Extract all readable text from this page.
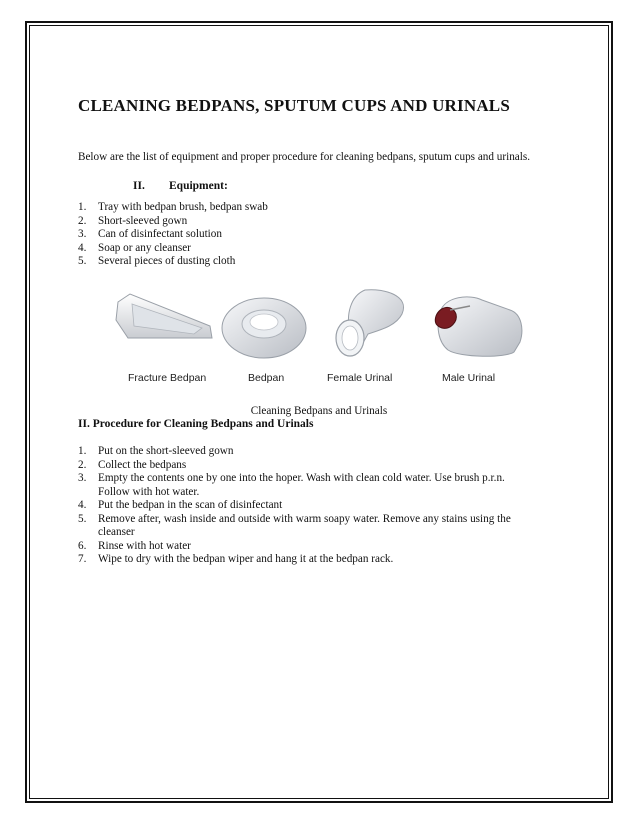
CLEANING BEDPANS, SPUTUM CUPS AND URINALS

Below are the list of equipment and proper procedure for cleaning bedpans, sputum cups and urinals.

II. Equipment:

1. Tray with bedpan brush, bedpan swab
2. Short-sleeved gown
3. Can of disinfectant solution
4. Soap or any cleanser
5. Several pieces of dusting cloth
Fracture Bedpan	Bedpan	Female Urinal	Male Urinal

Cleaning Bedpans and Urinals

II. Procedure for Cleaning Bedpans and Urinals

1. Put on the short-sleeved gown
2. Collect the bedpans
3. Empty the contents one by one into the hoper. Wash with clean cold water. Use brush p.r.n. Follow with hot water.
4. Put the bedpan in the scan of disinfectant
5. Remove after, wash inside and outside with warm soapy water. Remove any stains using the cleanser
6. Rinse with hot water
7. Wipe to dry with the bedpan wiper and hang it at the bedpan rack.
